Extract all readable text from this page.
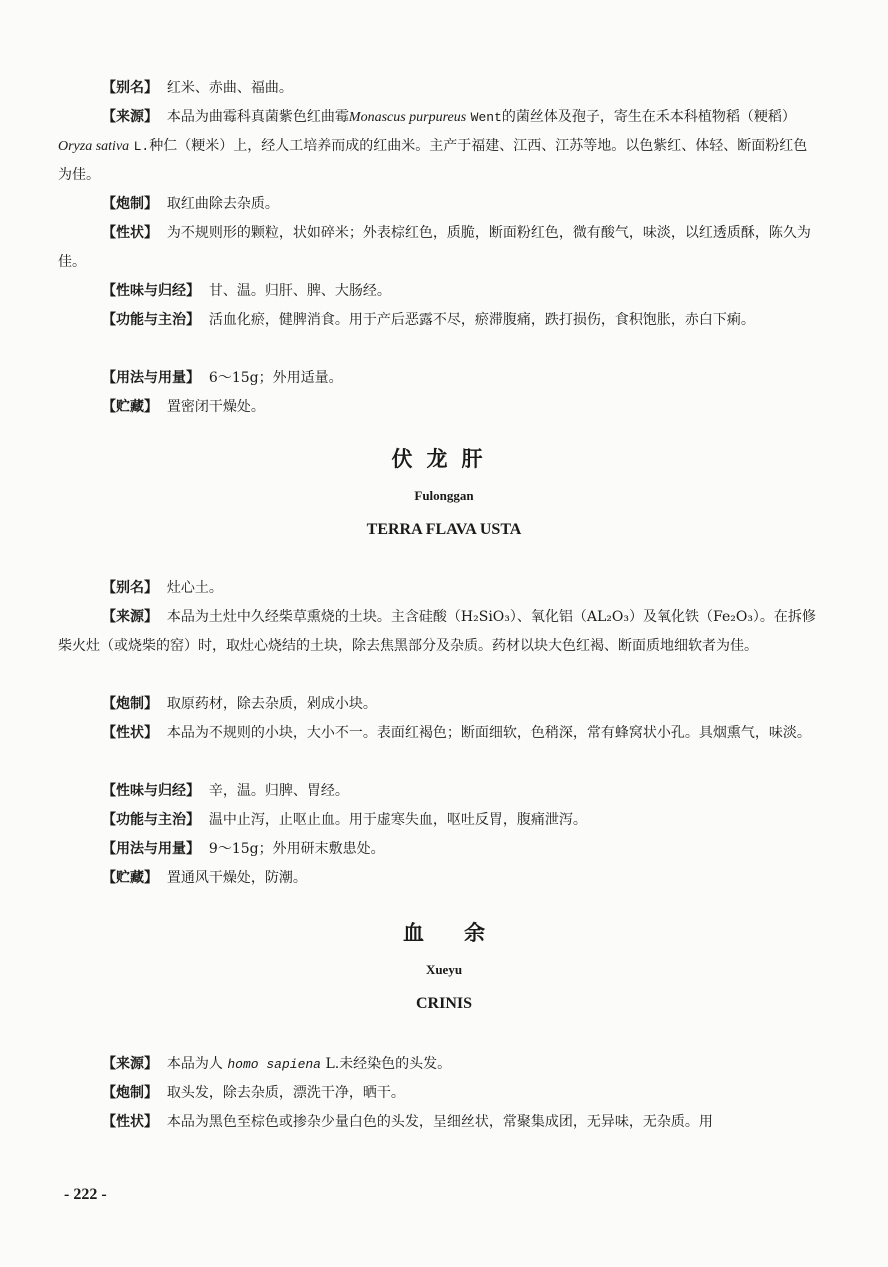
【别名】 红米、赤曲、福曲。

【来源】 本品为曲霉科真菌紫色红曲霉Monascus purpureus Went的菌丝体及孢子，寄生在禾本科植物稻（粳稻）Oryza sativa L.种仁（粳米）上，经人工培养而成的红曲米。主产于福建、江西、江苏等地。以色紫红、体轻、断面粉红色为佳。

【炮制】 取红曲除去杂质。

【性状】 为不规则形的颗粒，状如碎米；外表棕红色，质脆，断面粉红色，微有酸气，味淡，以红透质酥，陈久为佳。

【性味与归经】 甘、温。归肝、脾、大肠经。

【功能与主治】 活血化瘀，健脾消食。用于产后恶露不尽，瘀滞腹痛，跌打损伤，食积饱胀，赤白下痢。

【用法与用量】 6～15g；外用适量。

【贮藏】 置密闭干燥处。

伏龙肝

Fulonggan

TERRA FLAVA USTA

【别名】 灶心土。

【来源】 本品为土灶中久经柴草熏烧的土块。主含硅酸（H₂SiO₃）、氧化铝（AL₂O₃）及氧化铁（Fe₂O₃）。在拆修柴火灶（或烧柴的窑）时，取灶心烧结的土块，除去焦黑部分及杂质。药材以块大色红褐、断面质地细软者为佳。

【炮制】 取原药材，除去杂质，剁成小块。

【性状】 本品为不规则的小块，大小不一。表面红褐色；断面细软，色稍深，常有蜂窝状小孔。具烟熏气，味淡。

【性味与归经】 辛，温。归脾、胃经。

【功能与主治】 温中止泻，止呕止血。用于虚寒失血，呕吐反胃，腹痛泄泻。

【用法与用量】 9～15g；外用研末敷患处。

【贮藏】 置通风干燥处，防潮。

血余

Xueyu

CRINIS

【来源】 本品为人 homo sapiena L.未经染色的头发。

【炮制】 取头发，除去杂质，漂洗干净，晒干。

【性状】 本品为黑色至棕色或掺杂少量白色的头发，呈细丝状，常聚集成团，无异味，无杂质。用

- 222 -
